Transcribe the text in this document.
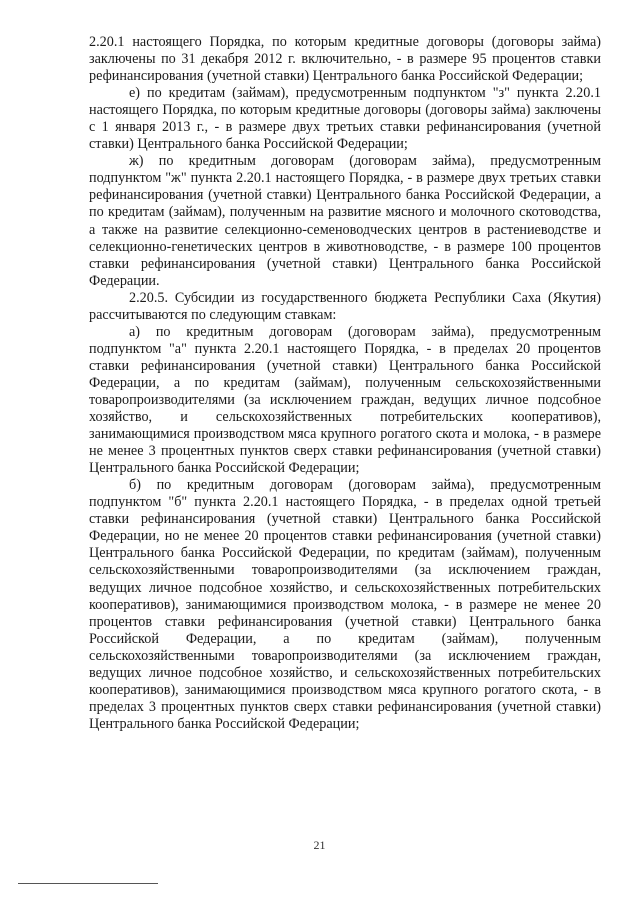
2.20.1 настоящего Порядка, по которым кредитные договоры (договоры займа) заключены по 31 декабря 2012 г. включительно, - в размере 95 процентов ставки рефинансирования (учетной ставки) Центрального банка Российской Федерации;

е) по кредитам (займам), предусмотренным подпунктом "з" пункта 2.20.1 настоящего Порядка, по которым кредитные договоры (договоры займа) заключены с 1 января 2013 г., - в размере двух третьих ставки рефинансирования (учетной ставки) Центрального банка Российской Федерации;

ж) по кредитным договорам (договорам займа), предусмотренным подпунктом "ж" пункта 2.20.1 настоящего Порядка, - в размере двух третьих ставки рефинансирования (учетной ставки) Центрального банка Российской Федерации, а по кредитам (займам), полученным на развитие мясного и молочного скотоводства, а также на развитие селекционно-семеноводческих центров в растениеводстве и селекционно-генетических центров в животноводстве, - в размере 100 процентов ставки рефинансирования (учетной ставки) Центрального банка Российской Федерации.

2.20.5. Субсидии из государственного бюджета Республики Саха (Якутия) рассчитываются по следующим ставкам:

а) по кредитным договорам (договорам займа), предусмотренным подпунктом "а" пункта 2.20.1 настоящего Порядка, - в пределах 20 процентов ставки рефинансирования (учетной ставки) Центрального банка Российской Федерации, а по кредитам (займам), полученным сельскохозяйственными товаропроизводителями (за исключением граждан, ведущих личное подсобное хозяйство, и сельскохозяйственных потребительских кооперативов), занимающимися производством мяса крупного рогатого скота и молока, - в размере не менее 3 процентных пунктов сверх ставки рефинансирования (учетной ставки) Центрального банка Российской Федерации;

б) по кредитным договорам (договорам займа), предусмотренным подпунктом "б" пункта 2.20.1 настоящего Порядка, - в пределах одной третьей ставки рефинансирования (учетной ставки) Центрального банка Российской Федерации, но не менее 20 процентов ставки рефинансирования (учетной ставки) Центрального банка Российской Федерации, по кредитам (займам), полученным сельскохозяйственными товаропроизводителями (за исключением граждан, ведущих личное подсобное хозяйство, и сельскохозяйственных потребительских кооперативов), занимающимися производством молока, - в размере не менее 20 процентов ставки рефинансирования (учетной ставки) Центрального банка Российской Федерации, а по кредитам (займам), полученным сельскохозяйственными товаропроизводителями (за исключением граждан, ведущих личное подсобное хозяйство, и сельскохозяйственных потребительских кооперативов), занимающимися производством мяса крупного рогатого скота, - в пределах 3 процентных пунктов сверх ставки рефинансирования (учетной ставки) Центрального банка Российской Федерации;

21
